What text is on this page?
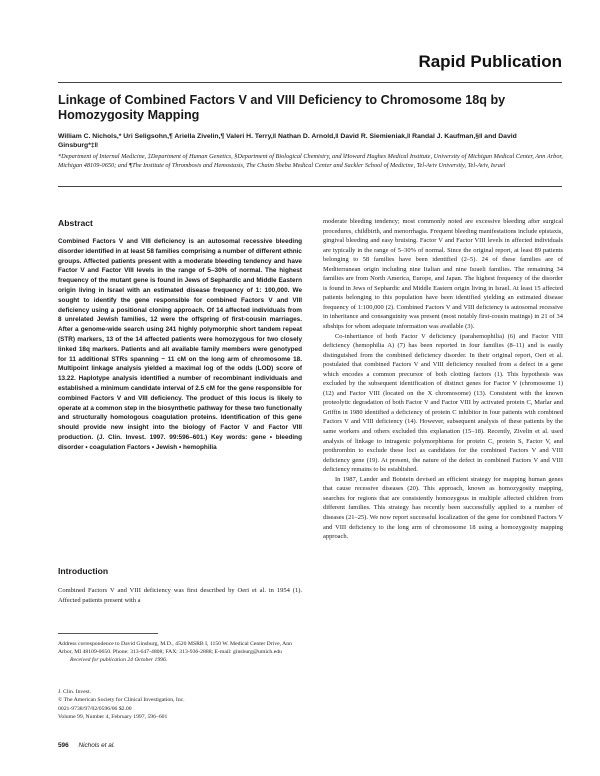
Rapid Publication
Linkage of Combined Factors V and VIII Deficiency to Chromosome 18q by Homozygosity Mapping
William C. Nichols,* Uri Seligsohn,¶ Ariella Zivelin,¶ Valeri H. Terry,‖ Nathan D. Arnold,‖ David R. Siemieniak,‖ Randal J. Kaufman,§‖ and David Ginsburg*‡‖
*Department of Internal Medicine, ‡Department of Human Genetics, §Department of Biological Chemistry, and ‖Howard Hughes Medical Institute, University of Michigan Medical Center, Ann Arbor, Michigan 48109-0650; and ¶The Institute of Thrombosis and Hemostasis, The Chaim Sheba Medical Center and Sackler School of Medicine, Tel-Aviv University, Tel-Aviv, Israel
Abstract
Combined Factors V and VIII deficiency is an autosomal recessive bleeding disorder identified in at least 58 families comprising a number of different ethnic groups. Affected patients present with a moderate bleeding tendency and have Factor V and Factor VIII levels in the range of 5–30% of normal. The highest frequency of the mutant gene is found in Jews of Sephardic and Middle Eastern origin living in Israel with an estimated disease frequency of 1: 100,000. We sought to identify the gene responsible for combined Factors V and VIII deficiency using a positional cloning approach. Of 14 affected individuals from 8 unrelated Jewish families, 12 were the offspring of first-cousin marriages. After a genome-wide search using 241 highly polymorphic short tandem repeat (STR) markers, 13 of the 14 affected patients were homozygous for two closely linked 18q markers. Patients and all available family members were genotyped for 11 additional STRs spanning ~ 11 cM on the long arm of chromosome 18. Multipoint linkage analysis yielded a maximal log of the odds (LOD) score of 13.22. Haplotype analysis identified a number of recombinant individuals and established a minimum candidate interval of 2.5 cM for the gene responsible for combined Factors V and VIII deficiency. The product of this locus is likely to operate at a common step in the biosynthetic pathway for these two functionally and structurally homologous coagulation proteins. Identification of this gene should provide new insight into the biology of Factor V and Factor VIII production. (J. Clin. Invest. 1997. 99:596–601.) Key words: gene • bleeding disorder • coagulation Factors • Jewish • hemophilia
Introduction
Combined Factors V and VIII deficiency was first described by Oeri et al. in 1954 (1). Affected patients present with a
Address correspondence to David Ginsburg, M.D., 4520 MSRB I, 1150 W. Medical Center Drive, Ann Arbor, MI 48109-0650. Phone: 313-647-4808; FAX: 313-936-2888; E-mail: ginsburg@umich.edu
Received for publication 24 October 1996.
J. Clin. Invest.
© The American Society for Clinical Investigation, Inc.
0021-9738/97/02/0596/06 $2.00
Volume 99, Number 4, February 1997, 596–601

moderate bleeding tendency; most commonly noted are excessive bleeding after surgical procedures, childbirth, and menorrhagia. Frequent bleeding manifestations include epistaxis, gingival bleeding and easy bruising. Factor V and Factor VIII levels in affected individuals are typically in the range of 5–30% of normal. Since the original report, at least 89 patients belonging to 58 families have been identified (2–5). 24 of these families are of Mediterranean origin including nine Italian and nine Israeli families. The remaining 34 families are from North America, Europe, and Japan. The highest frequency of the disorder is found in Jews of Sephardic and Middle Eastern origin living in Israel. At least 15 affected patients belonging to this population have been identified yielding an estimated disease frequency of 1:100,000 (2). Combined Factors V and VIII deficiency is autosomal recessive in inheritance and consanguinity was present (most notably first-cousin matings) in 21 of 34 sibships for whom adequate information was available (3).

Co-inheritance of both Factor V deficiency (parahemophilia) (6) and Factor VIII deficiency (hemophilia A) (7) has been reported in four families (8–11) and is easily distinguished from the combined deficiency disorder. In their original report, Oeri et al. postulated that combined Factors V and VIII deficiency resulted from a defect in a gene which encodes a common precursor of both clotting factors (1). This hypothesis was excluded by the subsequent identification of distinct genes for Factor V (chromosome 1) (12) and Factor VIII (located on the X chromosome) (13). Consistent with the known proteolytic degradation of both Factor V and Factor VIII by activated protein C, Marlar and Griffin in 1980 identified a deficiency of protein C inhibitor in four patients with combined Factors V and VIII deficiency (14). However, subsequent analysis of these patients by the same workers and others excluded this explanation (15–18). Recently, Zivelin et al. used analysis of linkage to intragenic polymorphisms for protein C, protein S, Factor V, and prothrombin to exclude these loci as candidates for the combined Factors V and VIII deficiency gene (19). At present, the nature of the defect in combined Factors V and VIII deficiency remains to be established.

In 1987, Lander and Botstein devised an efficient strategy for mapping human genes that cause recessive diseases (20). This approach, known as homozygosity mapping, searches for regions that are consistently homozygous in multiple affected children from different families. This strategy has recently been successfully applied to a number of diseases (21–25). We now report successful localization of the gene for combined Factors V and VIII deficiency to the long arm of chromosome 18 using a homozygosity mapping approach.

596 Nichols et al.
